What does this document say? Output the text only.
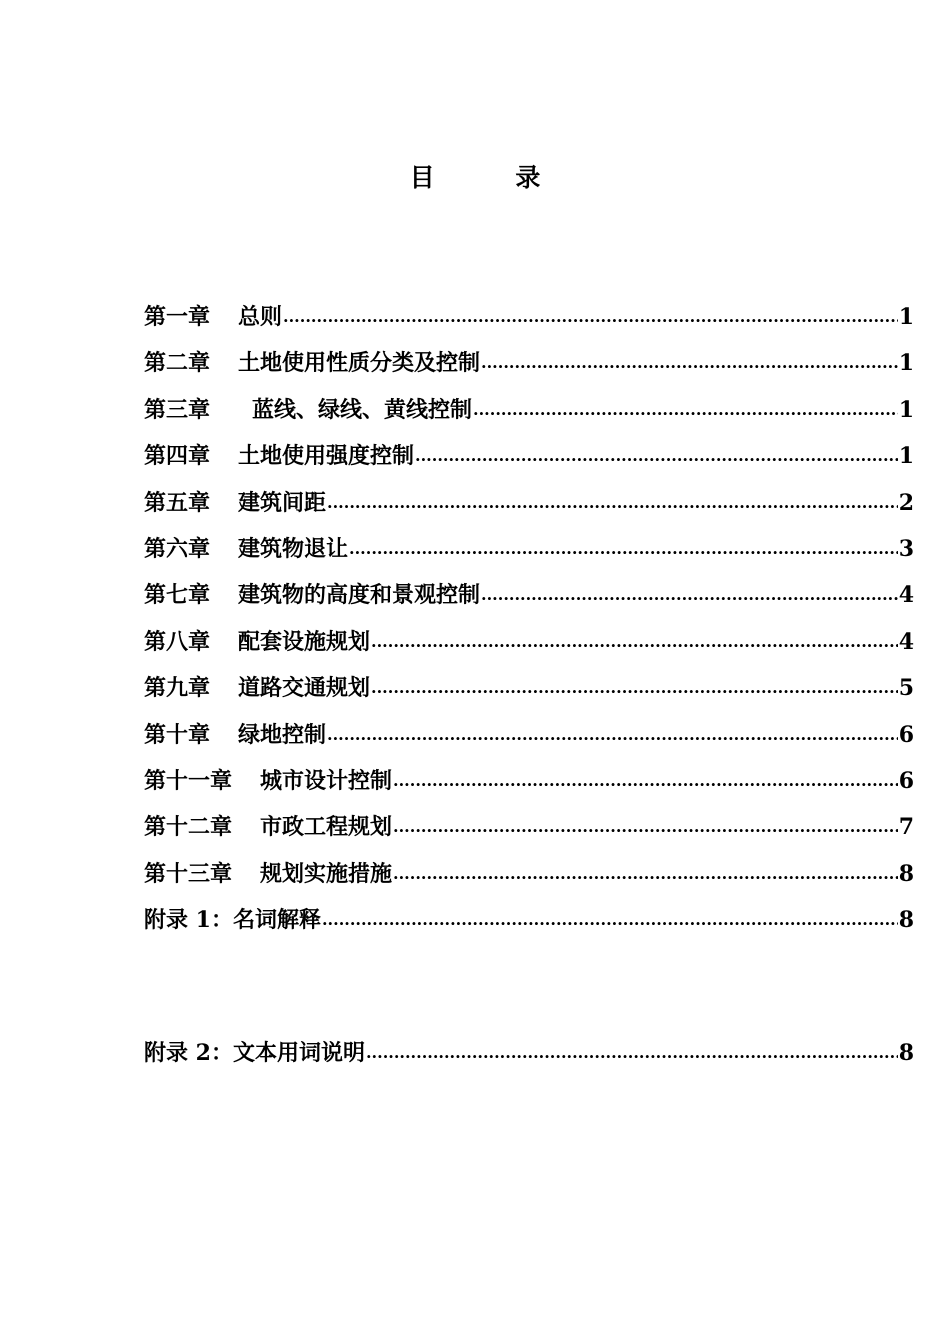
目 录
第一章 总则 .....	1
第二章 土地使用性质分类及控制 .....	1
第三章 蓝线、绿线、黄线控制 .....	1
第四章 土地使用强度控制 .....	1
第五章 建筑间距 .....	2
第六章 建筑物退让 .....	3
第七章 建筑物的高度和景观控制 .....	4
第八章 配套设施规划 .....	4
第九章 道路交通规划 .....	5
第十章 绿地控制 .....	6
第十一章 城市设计控制 .....	6
第十二章 市政工程规划 .....	7
第十三章 规划实施措施 .....	8
附录 1： 名词解释 .....	8
附录 2： 文本用词说明 .....	8
